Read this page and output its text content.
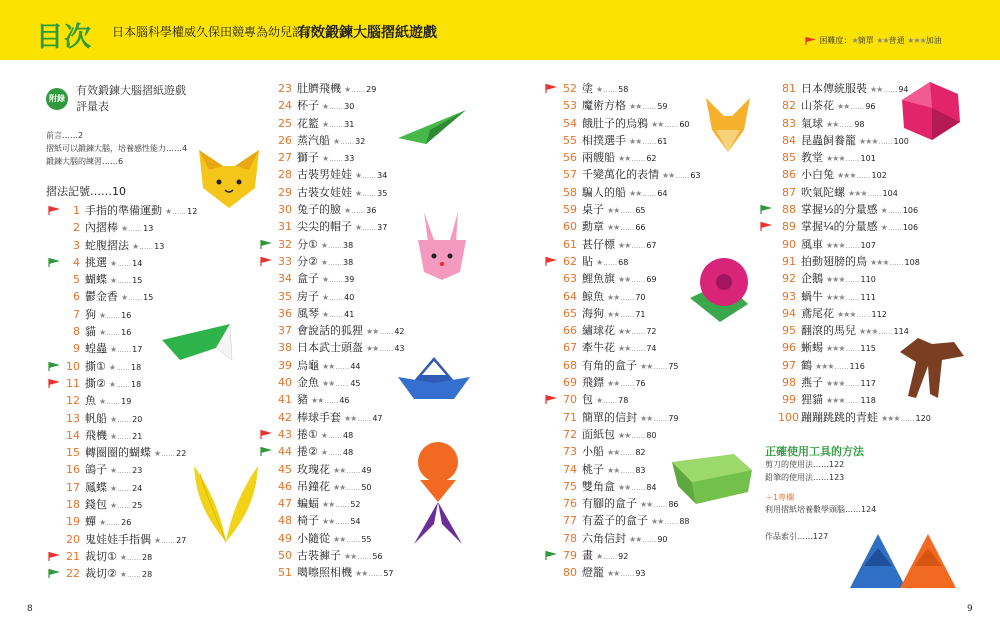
目次 日本腦科學權威久保田競專為幼兒設計
有效鍛鍊大腦摺紙遊戲	困難度：★簡單 ★★普通 ★★★加油
附錄
有效鍛鍊大腦摺紙遊戲
評量表
前言……2
摺紙可以鍛鍊大腦，培養感性能力……4
鍛鍊大腦的練習……6
摺法記號……10
1 手指的準備運動 ★……12
2 內摺棒 ★……13
3 蛇腹摺法 ★……13
4 挑選 ★……14
5 蝴蝶 ★……15
6 鬱金香 ★……15
7 狗 ★……16
8 貓 ★……16
9 蝗蟲 ★……17
10 撕① ★……18
11 撕② ★……18
12 魚 ★……19
13 帆船 ★……20
14 飛機 ★……21
15 轉圈圈的蝴蝶 ★……22
16 鴿子 ★……23
17 鳳蝶 ★……24
18 錢包 ★……25
19 蟬 ★……26
20 鬼娃娃手指偶 ★……27
21 裁切① ★……28
22 裁切② ★……28
23 肚臍飛機 ★……29
24 杯子 ★……30
25 花籃 ★……31
26 蒸汽船 ★……32
27 獅子 ★……33
28 古裝男娃娃 ★……34
29 古裝女娃娃 ★……35
30 兔子的臉 ★……36
31 尖尖的帽子 ★……37
32 分① ★……38
33 分② ★……38
34 盒子 ★……39
35 房子 ★……40
36 風琴 ★……41
37 會說話的狐狸 ★★……42
38 日本武士頭盔 ★★……43
39 烏龜 ★★……44
40 金魚 ★★……45
41 豬 ★★……46
42 棒球手套 ★★……47
43 捲① ★……48
44 捲② ★……48
45 玫瑰花 ★★……49
46 吊鐘花 ★★……50
47 蝙蝠 ★★……52
48 椅子 ★★……54
49 小隨從 ★★……55
50 古裝褲子 ★★……56
51 噶嚓照相機 ★★……57
52 塗 ★……58
53 魔術方格 ★★……59
54 餓肚子的烏鴉 ★★……60
55 相撲選手 ★★……61
56 兩艘船 ★★……62
57 千變萬化的表情 ★★……63
58 騙人的船 ★★……64
59 桌子 ★★……65
60 勳章 ★★……66
61 甚仔標 ★★……67
62 貼 ★……68
63 鯉魚旗 ★★……69
64 鯨魚 ★★……70
65 海狗 ★★……71
66 繡球花 ★★……72
67 牽牛花 ★★……74
68 有角的盒子 ★★……75
69 飛鏢 ★★……76
70 包 ★……78
71 簡單的信封 ★★……79
72 面紙包 ★★……80
73 小船 ★★……82
74 桃子 ★★……83
75 雙角盒 ★★……84
76 有腳的盒子 ★★……86
77 有蓋子的盒子 ★★……88
78 六角信封 ★★……90
79 畫 ★……92
80 燈籠 ★★……93
81 日本傳統服裝 ★★……94
82 山茶花 ★★……96
83 氣球 ★★……98
84 昆蟲飼養籠 ★★★……100
85 教堂 ★★★……101
86 小白兔 ★★★……102
87 吹氣陀螺 ★★★……104
88 掌握½的分量感 ★……106
89 掌握¼的分量感 ★……106
90 風車 ★★★……107
91 拍動翅膀的鳥 ★★★……108
92 企鵝 ★★★……110
93 蝸牛 ★★★……111
94 鳶尾花 ★★★……112
95 翻滾的馬兒 ★★★……114
96 蜥蜴 ★★★……115
97 鶴 ★★★……116
98 燕子 ★★★……117
99 狸貓 ★★★……118
100 蹦蹦跳跳的青蛙 ★★★……120
正確使用工具的方法
剪刀的使用法……122
鉛筆的使用法……123
＋1專欄
利用摺紙培養數學頭腦……124
作品索引……127
8	9
